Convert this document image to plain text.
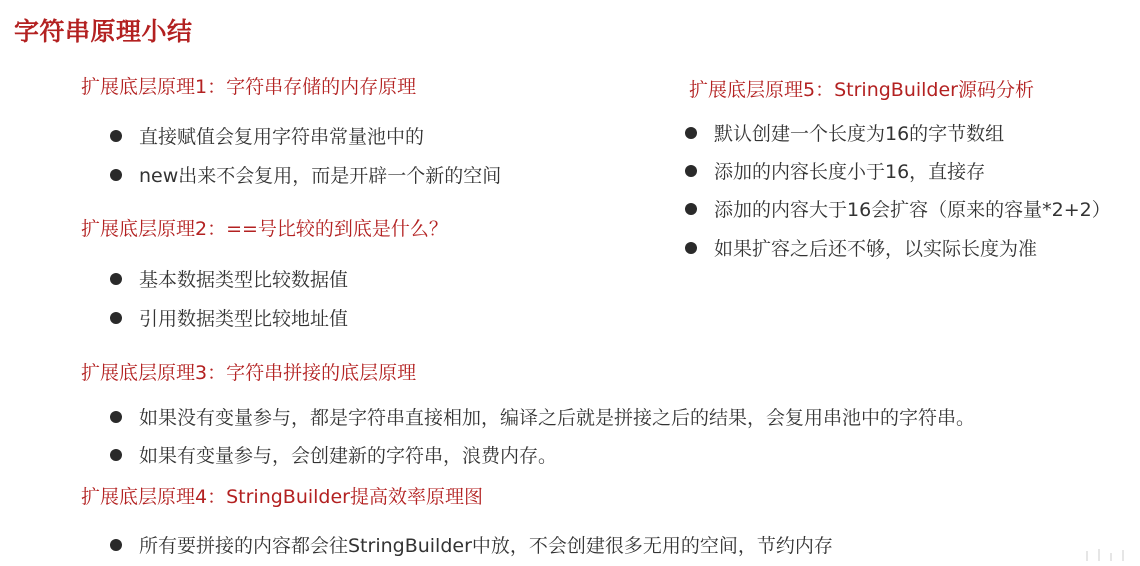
字符串原理小结
扩展底层原理1：字符串存储的内存原理
直接赋值会复用字符串常量池中的
new出来不会复用，而是开辟一个新的空间
扩展底层原理2：==号比较的到底是什么？
基本数据类型比较数据值
引用数据类型比较地址值
扩展底层原理3：字符串拼接的底层原理
如果没有变量参与，都是字符串直接相加，编译之后就是拼接之后的结果，会复用串池中的字符串。
如果有变量参与，会创建新的字符串，浪费内存。
扩展底层原理4：StringBuilder提高效率原理图
所有要拼接的内容都会往StringBuilder中放，不会创建很多无用的空间，节约内存
扩展底层原理5：StringBuilder源码分析
默认创建一个长度为16的字节数组
添加的内容长度小于16，直接存
添加的内容大于16会扩容（原来的容量*2+2）
如果扩容之后还不够，以实际长度为准
